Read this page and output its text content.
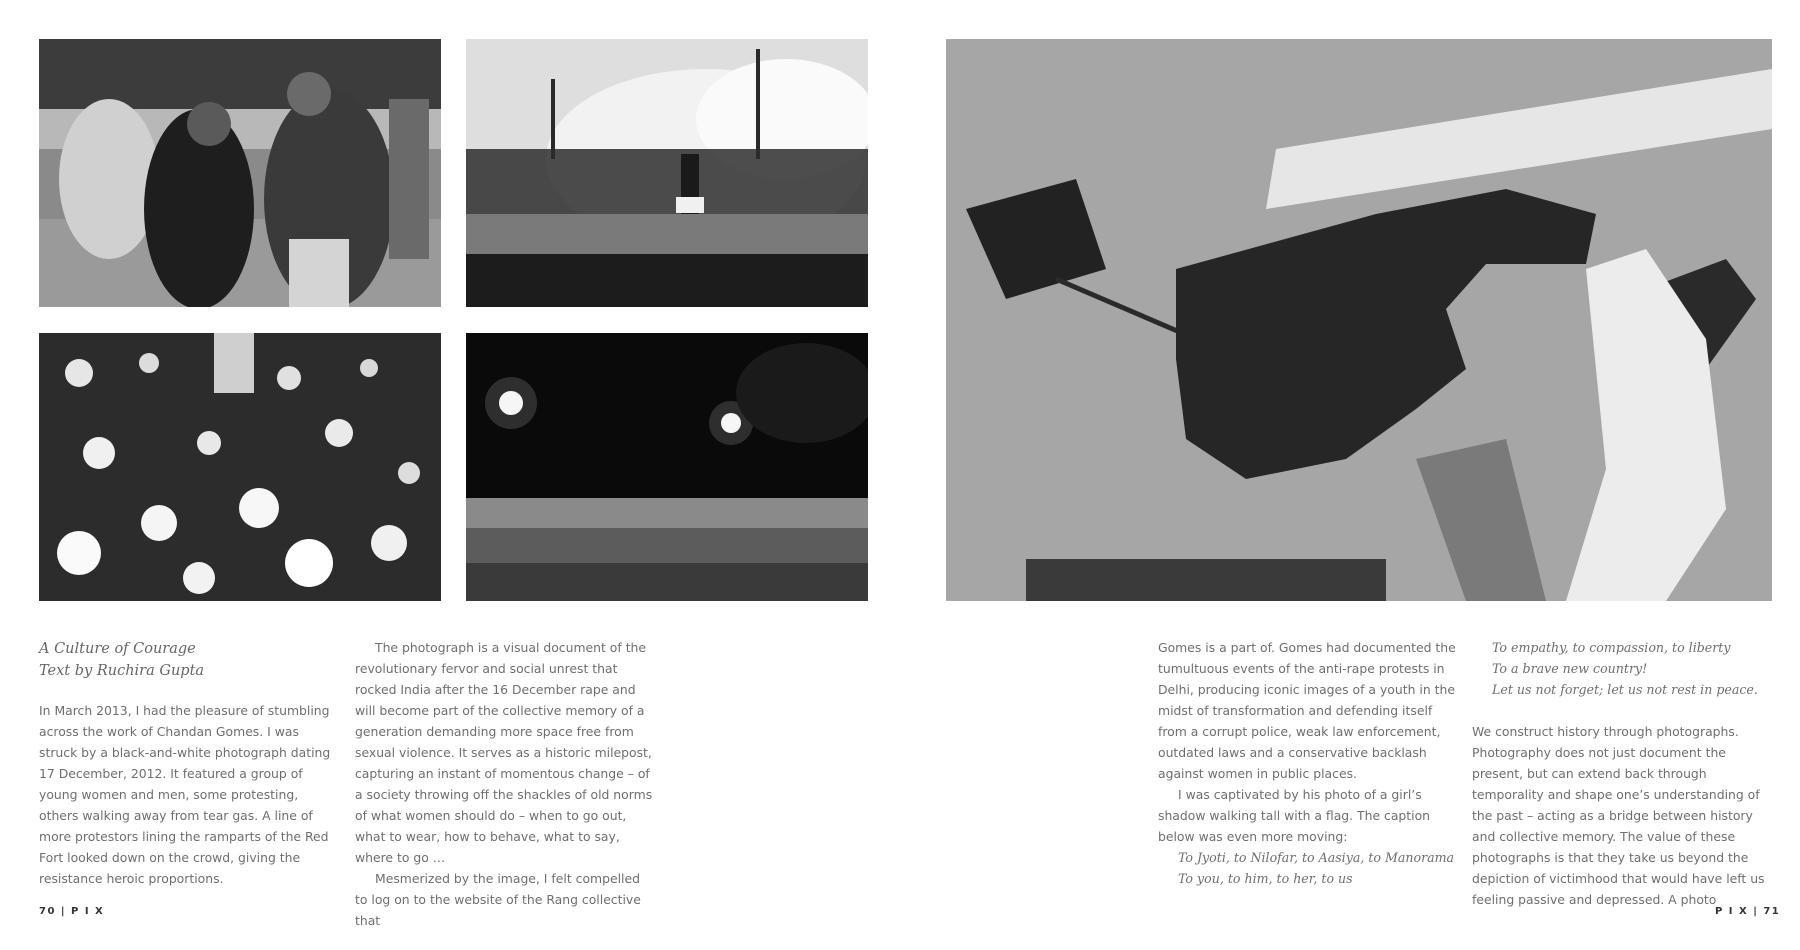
A Culture of Courage
Text by Ruchira Gupta

In March 2013, I had the pleasure of stumbling across the work of Chandan Gomes. I was struck by a black-and-white photograph dating 17 December, 2012. It featured a group of young women and men, some protesting, others walking away from tear gas. A line of more protestors lining the ramparts of the Red Fort looked down on the crowd, giving the resistance heroic proportions.

The photograph is a visual document of the revolutionary fervor and social unrest that rocked India after the 16 December rape and will become part of the collective memory of a generation demanding more space free from sexual violence. It serves as a historic milepost, capturing an instant of momentous change – of a society throwing off the shackles of old norms of what women should do – when to go out, what to wear, how to behave, what to say, where to go …

Mesmerized by the image, I felt compelled to log on to the website of the Rang collective that

Gomes is a part of. Gomes had documented the tumultuous events of the anti-rape protests in Delhi, producing iconic images of a youth in the midst of transformation and defending itself from a corrupt police, weak law enforcement, outdated laws and a conservative backlash against women in public places.

I was captivated by his photo of a girl’s shadow walking tall with a flag. The caption below was even more moving:

To Jyoti, to Nilofar, to Aasiya, to Manorama

To you, to him, to her, to us

To empathy, to compassion, to liberty

To a brave new country!

Let us not forget; let us not rest in peace.

We construct history through photographs. Photography does not just document the present, but can extend back through temporality and shape one’s understanding of the past – acting as a bridge between history and collective memory. The value of these photographs is that they take us beyond the depiction of victimhood that would have left us feeling passive and depressed. A photo

70 | P I X	P I X | 71
